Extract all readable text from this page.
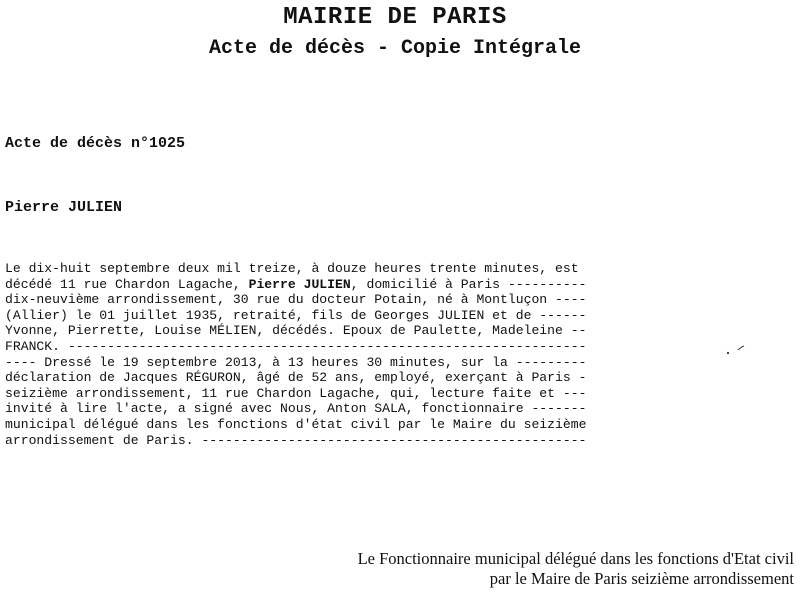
MAIRIE DE PARIS
Acte de décès - Copie Intégrale
Acte de décès n°1025
Pierre JULIEN
Le dix-huit septembre deux mil treize, à douze heures trente minutes, est
décédé 11 rue Chardon Lagache, Pierre JULIEN, domicilié à Paris ----------
dix-neuvième arrondissement, 30 rue du docteur Potain, né à Montluçon ----
(Allier) le 01 juillet 1935, retraité, fils de Georges JULIEN et de ------
Yvonne, Pierrette, Louise MÉLIEN, décédés. Epoux de Paulette, Madeleine --
FRANCK. ------------------------------------------------------------------
---- Dressé le 19 septembre 2013, à 13 heures 30 minutes, sur la ---------
déclaration de Jacques RÉGURON, âgé de 52 ans, employé, exerçant à Paris -
seizième arrondissement, 11 rue Chardon Lagache, qui, lecture faite et ---
invité à lire l'acte, a signé avec Nous, Anton SALA, fonctionnaire -------
municipal délégué dans les fonctions d'état civil par le Maire du seizième
arrondissement de Paris. -------------------------------------------------
Le Fonctionnaire municipal délégué dans les fonctions d'Etat civil
par le Maire de Paris seizième arrondissement
